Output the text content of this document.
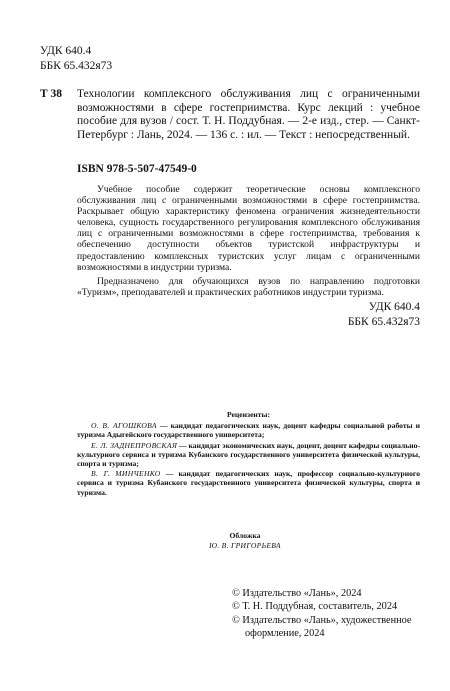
УДК 640.4
ББК 65.432я73
Т 38 Технологии комплексного обслуживания лиц с ограниченными возможностями в сфере гостеприимства. Курс лекций : учебное пособие для вузов / сост. Т. Н. Поддубная. — 2-е изд., стер. — Санкт-Петербург : Лань, 2024. — 136 с. : ил. — Текст : непосредственный.
ISBN 978-5-507-47549-0

Учебное пособие содержит теоретические основы комплексного обслуживания лиц с ограниченными возможностями в сфере гостеприимства. Раскрывает общую характеристику феномена ограничения жизнедеятельности человека, сущность государственного регулирования комплексного обслуживания лиц с ограниченными возможностями в сфере гостеприимства, требования к обеспечению доступности объектов туристской инфраструктуры и предоставлению комплексных туристских услуг лицам с ограниченными возможностями в индустрии туризма.

Предназначено для обучающихся вузов по направлению подготовки «Туризм», преподавателей и практических работников индустрии туризма.

УДК 640.4
ББК 65.432я73
Рецензенты:

О. В. АГОШКОВА — кандидат педагогических наук, доцент кафедры социальной работы и туризма Адыгейского государственного университета;

Е. Л. ЗАДНЕПРОВСКАЯ — кандидат экономических наук, доцент, доцент кафедры социально-культурного сервиса и туризма Кубанского государственного университета физической культуры, спорта и туризма;

В. Г. МИНЧЕНКО — кандидат педагогических наук, профессор социально-культурного сервиса и туризма Кубанского государственного университета физической культуры, спорта и туризма.

Обложка
Ю. В. ГРИГОРЬЕВА
© Издательство «Лань», 2024
© Т. Н. Поддубная, составитель, 2024
© Издательство «Лань», художественное оформление, 2024
